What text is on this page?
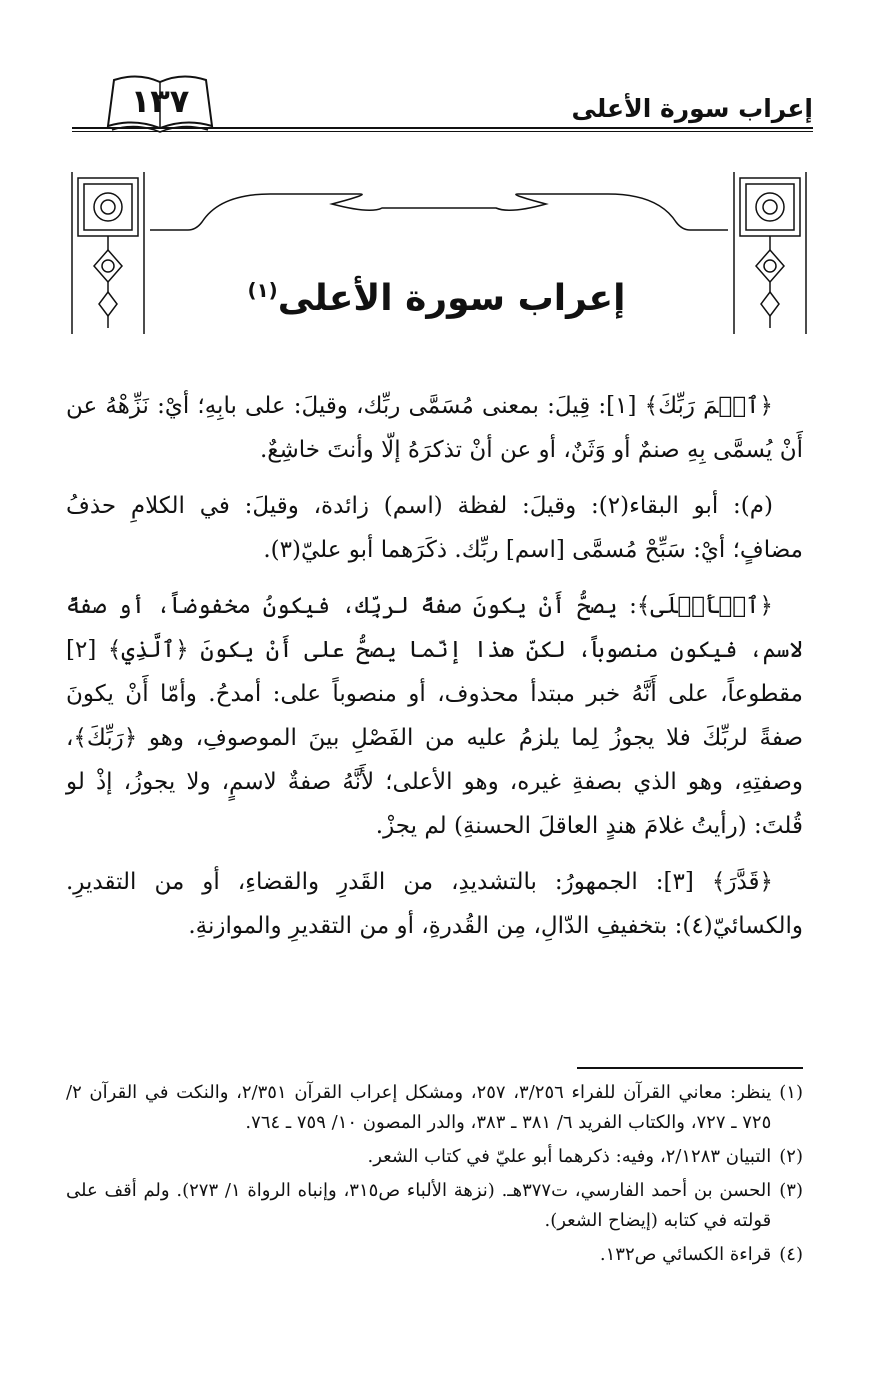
١٣٧	إعراب سورة الأعلى
إعراب سورة الأعلى$^{(١)}$

﴿ٱسۡمَ رَبِّكَ﴾ [١]: قِيلَ: بمعنى مُسَمَّى ربِّك، وقيلَ: على بابِهِ؛ أيْ: نَزِّهْهُ عن أَنْ يُسمَّى بِهِ صنمٌ أو وَثَنٌ، أو عن أنْ تذكرَهُ إلّا وأنتَ خاشِعٌ.

(م): أبو البقاء(٢): وقيلَ: لفظة (اسم) زائدة، وقيلَ: في الكلامِ حذفُ مضافٍ؛ أيْ: سَبِّحْ مُسمَّى [اسم] ربِّك. ذكَرَهما أبو عليّ(٣).

﴿ٱلۡأَعۡلَى﴾: يصحُّ أَنْ يكونَ صفةً لربِّك، فيكونُ مخفوضاً، أو صفةً لاسم، فيكون منصوباً، لكنّ هذا إنّما يصحُّ على أَنْ يكونَ ﴿ٱلَّذِي﴾ [٢] مقطوعاً، على أَنَّهُ خبر مبتدأ محذوف، أو منصوباً على: أمدحُ. وأمّا أَنْ يكونَ صفةً لربِّكَ فلا يجوزُ لِما يلزمُ عليه من الفَصْلِ بينَ الموصوفِ، وهو ﴿رَبِّكَ﴾، وصفتِهِ، وهو الذي بصفةِ غيره، وهو الأعلى؛ لأَنَّهُ صفةٌ لاسمٍ، ولا يجوزُ، إذْ لو قُلتَ: (رأيتُ غلامَ هندٍ العاقلَ الحسنةِ) لم يجزْ.

﴿قَدَّرَ﴾ [٣]: الجمهورُ: بالتشديدِ، من القَدرِ والقضاءِ، أو من التقديرِ. والكسائيّ(٤): بتخفيفِ الدّالِ، مِن القُدرةِ، أو من التقديرِ والموازنةِ.

(١)
ينظر: معاني القرآن للفراء ٣/٢٥٦، ٢٥٧، ومشكل إعراب القرآن ٢/٣٥١، والنكت في القرآن ٢/ ٧٢٥ ـ ٧٢٧، والكتاب الفريد ٦/ ٣٨١ ـ ٣٨٣، والدر المصون ١٠/ ٧٥٩ ـ ٧٦٤.
(٢)
التبيان ٢/١٢٨٣، وفيه: ذكرهما أبو عليّ في كتاب الشعر.
(٣)
الحسن بن أحمد الفارسي، ت٣٧٧هـ. (نزهة الألباء ص٣١٥، وإنباه الرواة ١/ ٢٧٣). ولم أقف على قولته في كتابه (إيضاح الشعر).
(٤)
قراءة الكسائي ص١٣٢.
